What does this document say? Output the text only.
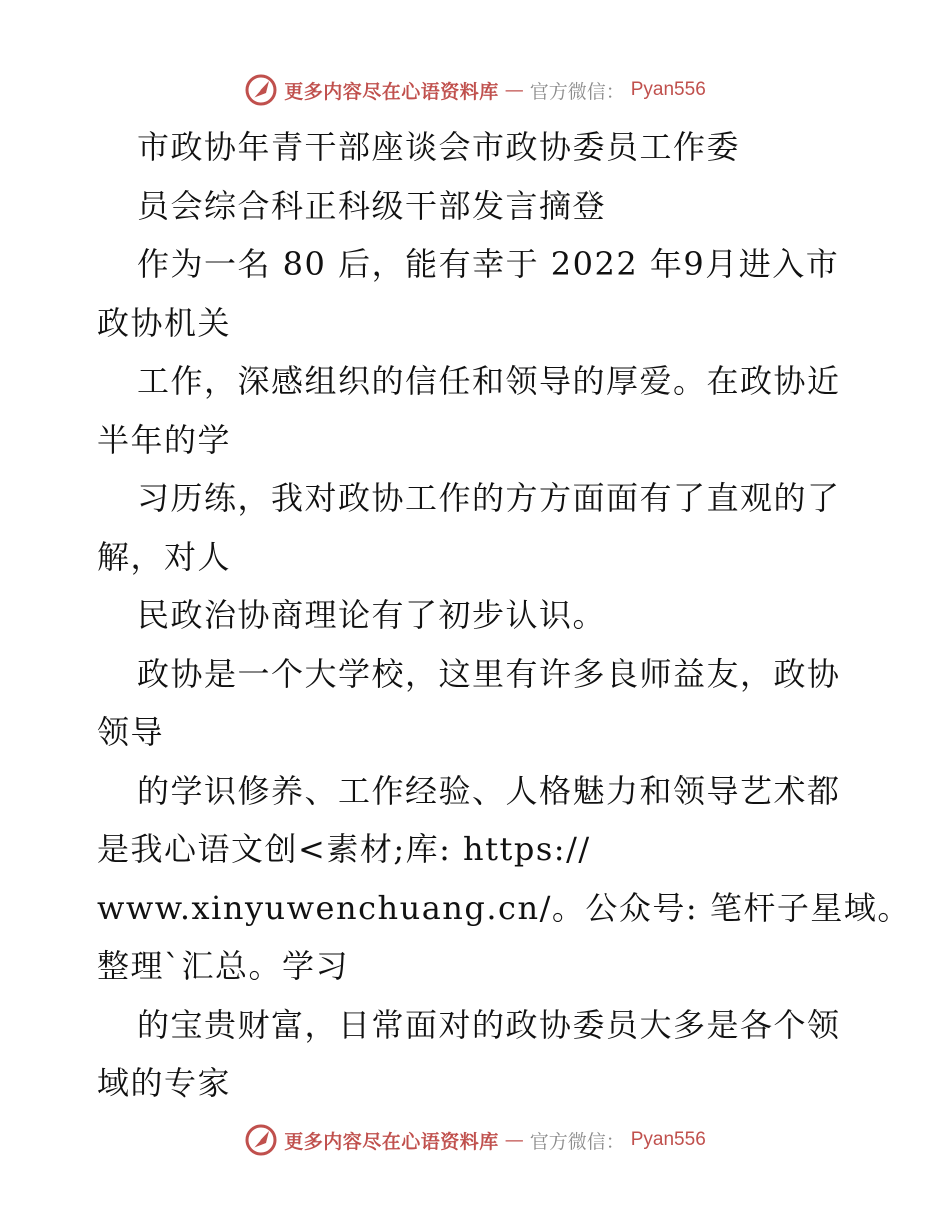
更多内容尽在心语资料库 — 官方微信： Pyan556
市政协年青干部座谈会市政协委员工作委
员会综合科正科级干部发言摘登
作为一名 80 后，能有幸于 2022 年9月进入市
政协机关
工作，深感组织的信任和领导的厚爱。在政协近
半年的学
习历练，我对政协工作的方方面面有了直观的了
解，对人
民政治协商理论有了初步认识。
政协是一个大学校，这里有许多良师益友，政协
领导
的学识修养、工作经验、人格魅力和领导艺术都
是我心语文创<素材;库: https://
www.xinyuwenchuang.cn/。公众号: 笔杆子星域。
整理`汇总。学习
的宝贵财富，日常面对的政协委员大多是各个领
域的专家
更多内容尽在心语资料库 — 官方微信： Pyan556
